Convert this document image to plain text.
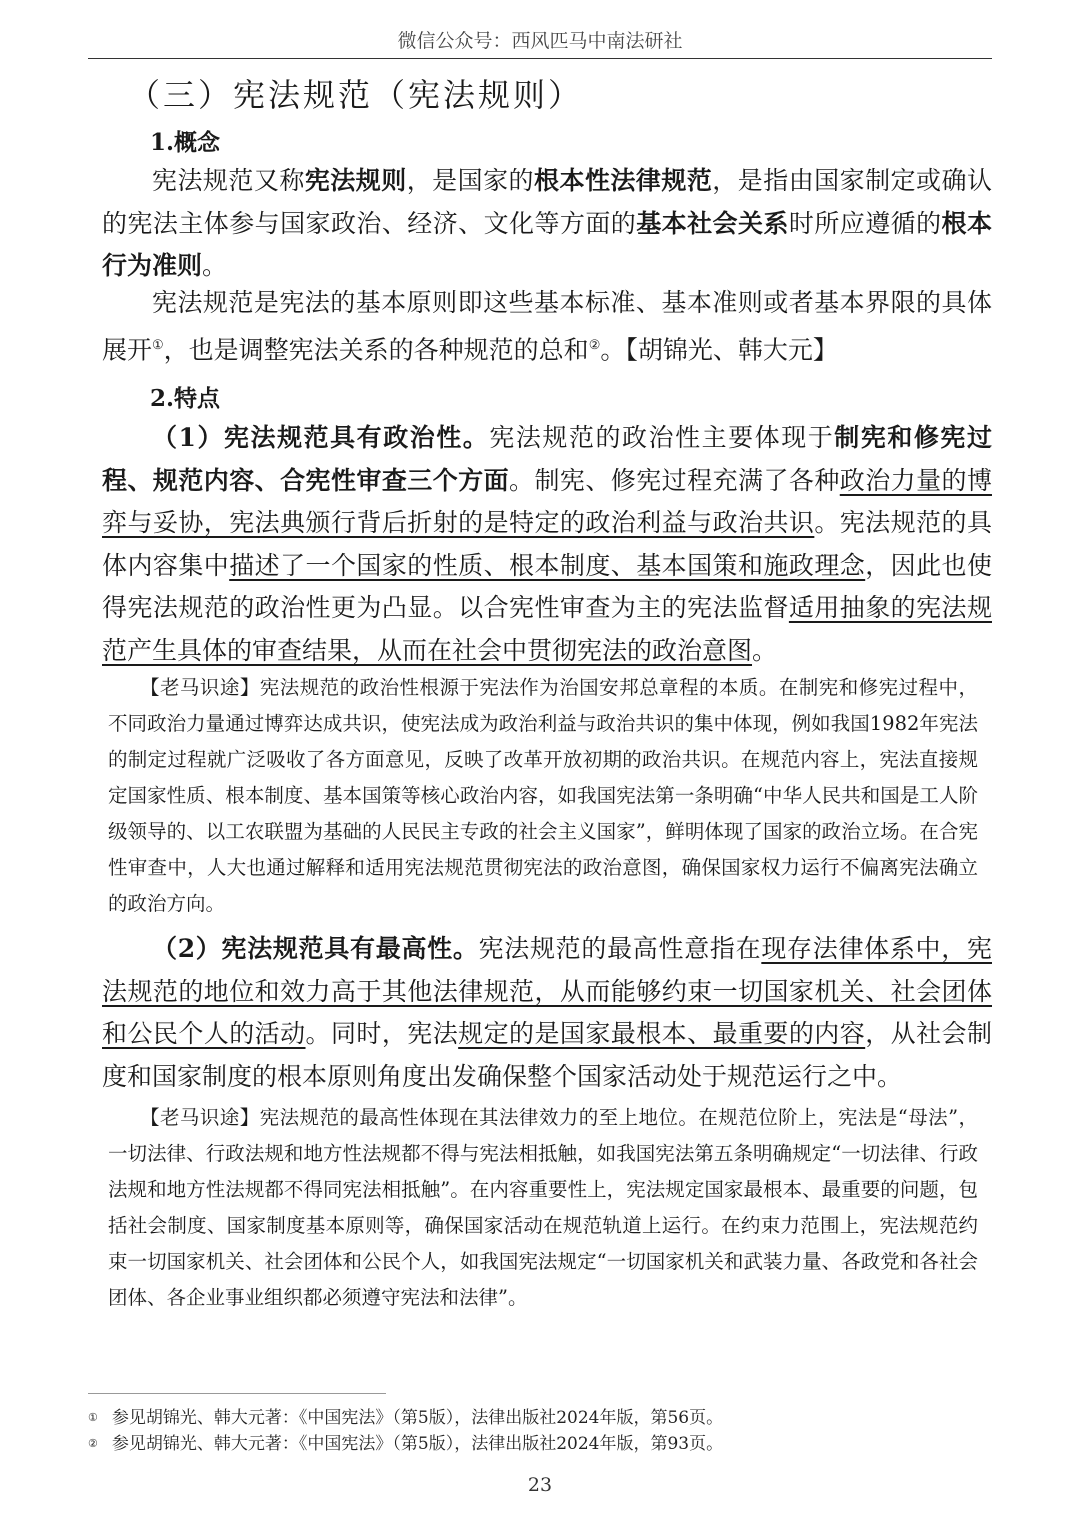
微信公众号：西风匹马中南法研社
（三）宪法规范（宪法规则）
1.概念

宪法规范又称宪法规则，是国家的根本性法律规范，是指由国家制定或确认的宪法主体参与国家政治、经济、文化等方面的基本社会关系时所应遵循的根本行为准则。

宪法规范是宪法的基本原则即这些基本标准、基本准则或者基本界限的具体展开①，也是调整宪法关系的各种规范的总和②。【胡锦光、韩大元】

2.特点

（1）宪法规范具有政治性。宪法规范的政治性主要体现于制宪和修宪过程、规范内容、合宪性审查三个方面。制宪、修宪过程充满了各种政治力量的博弈与妥协，宪法典颁行背后折射的是特定的政治利益与政治共识。宪法规范的具体内容集中描述了一个国家的性质、根本制度、基本国策和施政理念，因此也使得宪法规范的政治性更为凸显。以合宪性审查为主的宪法监督适用抽象的宪法规范产生具体的审查结果，从而在社会中贯彻宪法的政治意图。

【老马识途】宪法规范的政治性根源于宪法作为治国安邦总章程的本质。在制宪和修宪过程中，不同政治力量通过博弈达成共识，使宪法成为政治利益与政治共识的集中体现，例如我国1982年宪法的制定过程就广泛吸收了各方面意见，反映了改革开放初期的政治共识。在规范内容上，宪法直接规定国家性质、根本制度、基本国策等核心政治内容，如我国宪法第一条明确“中华人民共和国是工人阶级领导的、以工农联盟为基础的人民民主专政的社会主义国家”，鲜明体现了国家的政治立场。在合宪性审查中，人大也通过解释和适用宪法规范贯彻宪法的政治意图，确保国家权力运行不偏离宪法确立的政治方向。

（2）宪法规范具有最高性。宪法规范的最高性意指在现存法律体系中，宪法规范的地位和效力高于其他法律规范，从而能够约束一切国家机关、社会团体和公民个人的活动。同时，宪法规定的是国家最根本、最重要的内容，从社会制度和国家制度的根本原则角度出发确保整个国家活动处于规范运行之中。

【老马识途】宪法规范的最高性体现在其法律效力的至上地位。在规范位阶上，宪法是“母法”，一切法律、行政法规和地方性法规都不得与宪法相抵触，如我国宪法第五条明确规定“一切法律、行政法规和地方性法规都不得同宪法相抵触”。在内容重要性上，宪法规定国家最根本、最重要的问题，包括社会制度、国家制度基本原则等，确保国家活动在规范轨道上运行。在约束力范围上，宪法规范约束一切国家机关、社会团体和公民个人，如我国宪法规定“一切国家机关和武装力量、各政党和各社会团体、各企业事业组织都必须遵守宪法和法律”。

① 参见胡锦光、韩大元著：《中国宪法》（第5版），法律出版社2024年版，第56页。
② 参见胡锦光、韩大元著：《中国宪法》（第5版），法律出版社2024年版，第93页。
23
